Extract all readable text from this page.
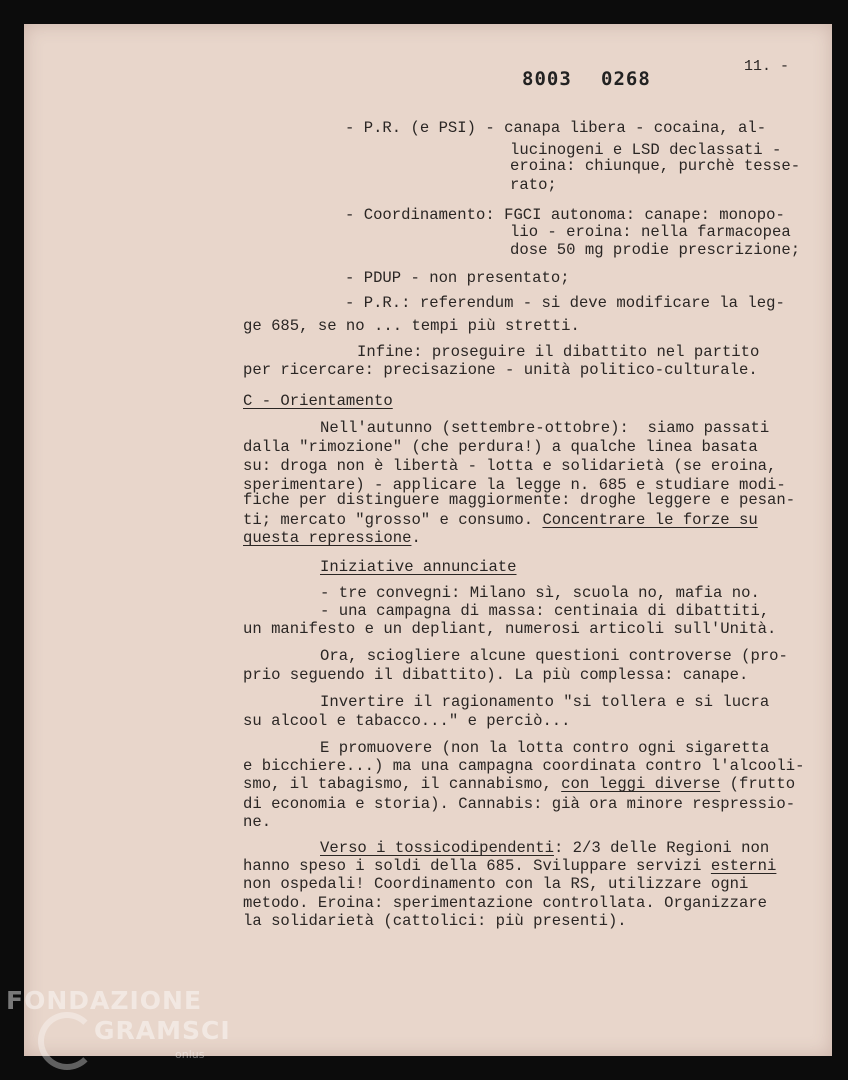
8003 0268
11. -
- P.R. (e PSI) - canapa libera - cocaina, al-
lucinogeni e LSD declassati -
eroina: chiunque, purchè tesse-
rato;
- Coordinamento: FGCI autonoma: canape: monopo-
lio - eroina: nella farmacopea
dose 50 mg prodie prescrizione;
- PDUP - non presentato;
- P.R.: referendum - si deve modificare la leg-
ge 685, se no ... tempi più stretti.
Infine: proseguire il dibattito nel partito
per ricercare: precisazione - unità politico-culturale.
C - Orientamento
Nell'autunno (settembre-ottobre):  siamo passati
dalla "rimozione" (che perdura!) a qualche linea basata
su: droga non è libertà - lotta e solidarietà (se eroina,
sperimentare) - applicare la legge n. 685 e studiare modi-
fiche per distinguere maggiormente: droghe leggere e pesan-
ti; mercato "grosso" e consumo. Concentrare le forze su
questa repressione.
Iniziative annunciate
- tre convegni: Milano sì, scuola no, mafia no.
- una campagna di massa: centinaia di dibattiti,
un manifesto e un depliant, numerosi articoli sull'Unità.
Ora, sciogliere alcune questioni controverse (pro-
prio seguendo il dibattito). La più complessa: canape.
Invertire il ragionamento "si tollera e si lucra
su alcool e tabacco..." e perciò...
E promuovere (non la lotta contro ogni sigaretta
e bicchiere...) ma una campagna coordinata contro l'alcooli-
smo, il tabagismo, il cannabismo, con leggi diverse (frutto
di economia e storia). Cannabis: già ora minore respressio-
ne.
Verso i tossicodipendenti: 2/3 delle Regioni non
hanno speso i soldi della 685. Sviluppare servizi esterni
non ospedali! Coordinamento con la RS, utilizzare ogni
metodo. Eroina: sperimentazione controllata. Organizzare
la solidarietà (cattolici: più presenti).
FONDAZIONE
GRAMSCI
onlus
